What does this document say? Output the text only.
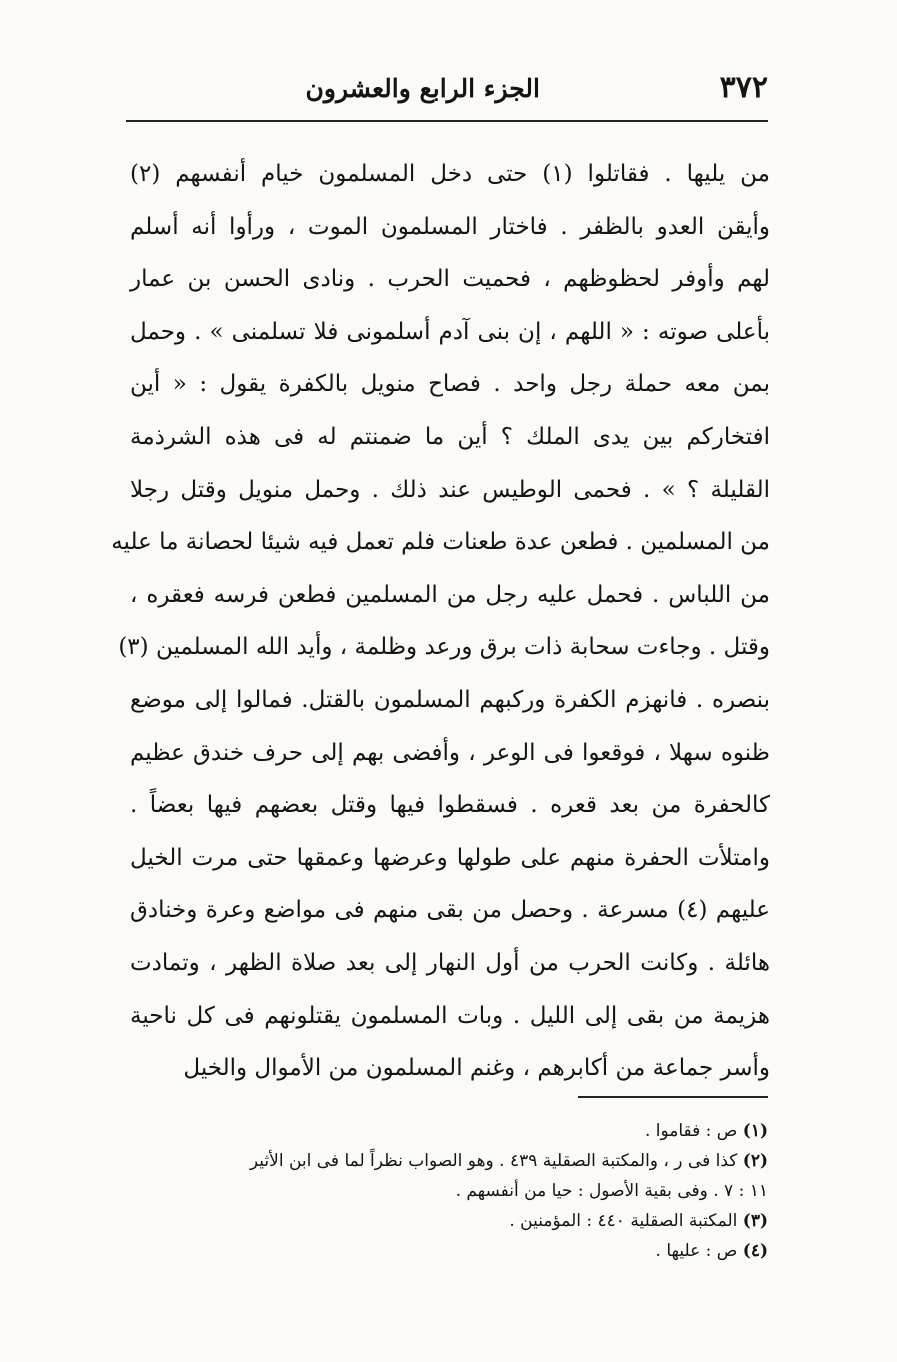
٣٧٢
الجزء الرابع والعشرون
من يليها . فقاتلوا (١) حتى دخل المسلمون خيام أنفسهم (٢)
وأيقن العدو بالظفر . فاختار المسلمون الموت ، ورأوا أنه أسلم
لهم وأوفر لحظوظهم ، فحميت الحرب . ونادى الحسن بن عمار
بأعلى صوته : « اللهم ، إن بنى آدم أسلمونى فلا تسلمنى » . وحمل
بمن معه حملة رجل واحد . فصاح منويل بالكفرة يقول : « أين
افتخاركم بين يدى الملك ؟ أين ما ضمنتم له فى هذه الشرذمة
القليلة ؟ » . فحمى الوطيس عند ذلك . وحمل منويل وقتل رجلا
من المسلمين . فطعن عدة طعنات فلم تعمل فيه شيئا لحصانة ما عليه
من اللباس . فحمل عليه رجل من المسلمين فطعن فرسه فعقره ،
وقتل . وجاءت سحابة ذات برق ورعد وظلمة ، وأيد الله المسلمين (٣)
بنصره . فانهزم الكفرة وركبهم المسلمون بالقتل. فمالوا إلى موضع
ظنوه سهلا ، فوقعوا فى الوعر ، وأفضى بهم إلى حرف خندق عظيم
كالحفرة من بعد قعره . فسقطوا فيها وقتل بعضهم فيها بعضاً .
وامتلأت الحفرة منهم على طولها وعرضها وعمقها حتى مرت الخيل
عليهم (٤) مسرعة . وحصل من بقى منهم فى مواضع وعرة وخنادق
هائلة . وكانت الحرب من أول النهار إلى بعد صلاة الظهر ، وتمادت
هزيمة من بقى إلى الليل . وبات المسلمون يقتلونهم فى كل ناحية
وأسر جماعة من أكابرهم ، وغنم المسلمون من الأموال والخيل
(١) ص : فقاموا .
(٢) كذا فى ر ، والمكتبة الصقلية ٤٣٩ . وهو الصواب نظراً لما فى ابن الأثير
١١ : ٧ . وفى بقية الأصول : حيا من أنفسهم .
(٣) المكتبة الصقلية ٤٤٠ : المؤمنين .
(٤) ص : عليها .
